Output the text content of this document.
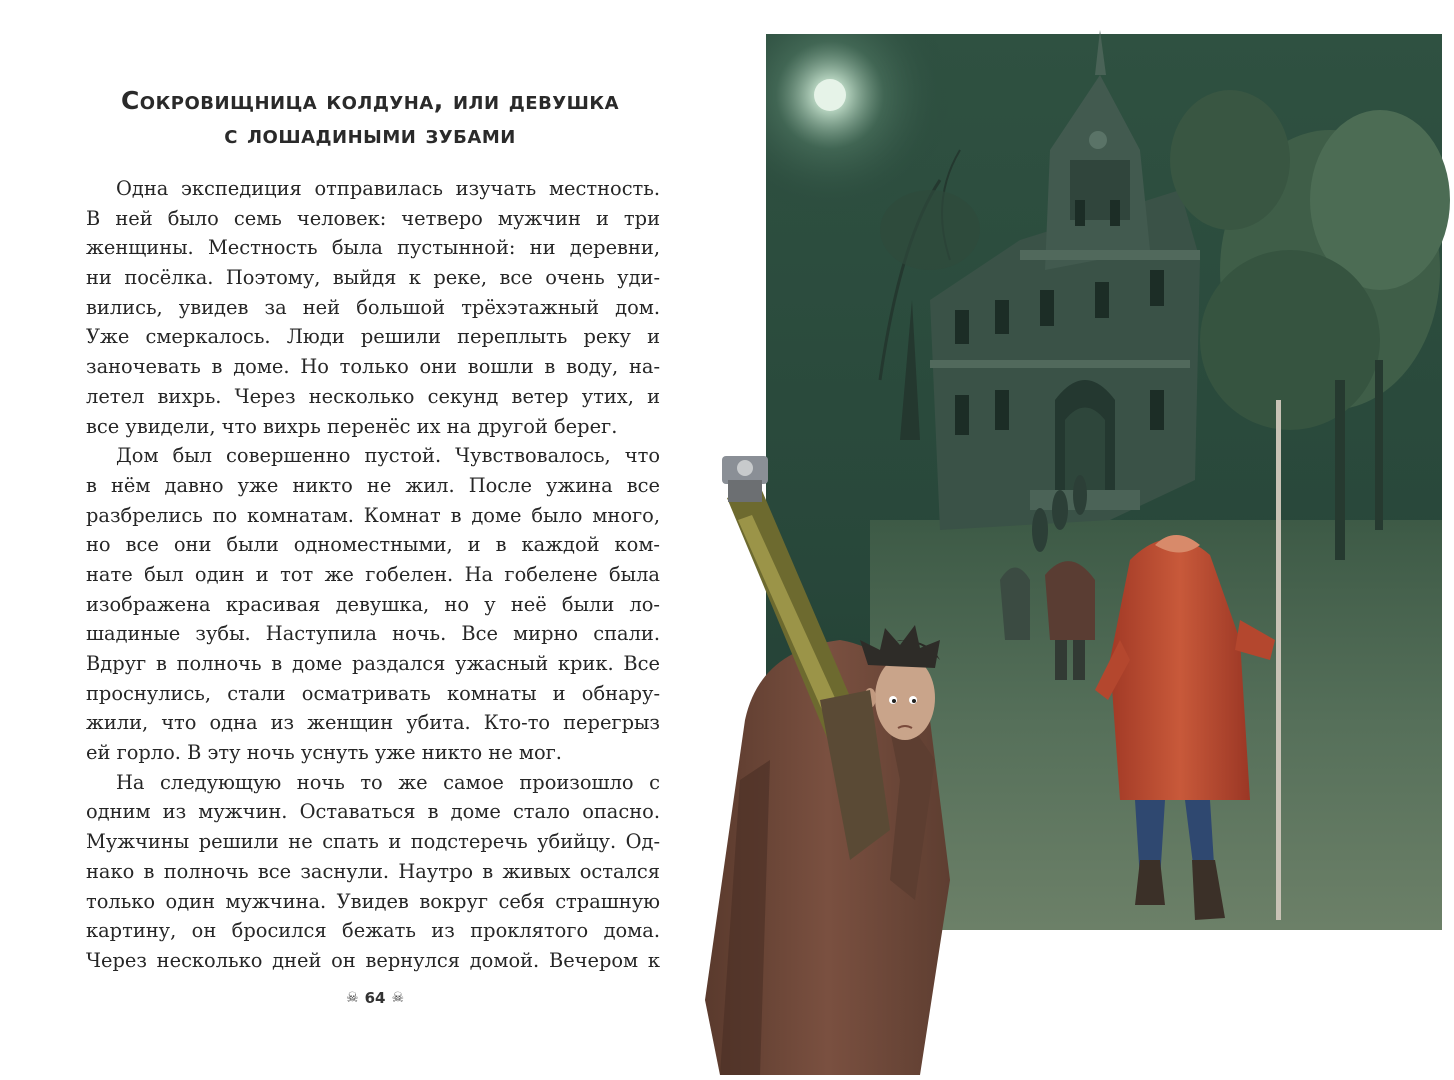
Сокровищница колдуна, или девушка
с лошадиными зубами
Одна экспедиция отправилась изучать местность.
В ней было семь человек: четверо мужчин и три
женщины. Местность была пустынной: ни деревни,
ни посёлка. Поэтому, выйдя к реке, все очень уди-
вились, увидев за ней большой трёхэтажный дом.
Уже смеркалось. Люди решили переплыть реку и
заночевать в доме. Но только они вошли в воду, на-
летел вихрь. Через несколько секунд ветер утих, и
все увидели, что вихрь перенёс их на другой берег.
Дом был совершенно пустой. Чувствовалось, что
в нём давно уже никто не жил. После ужина все
разбрелись по комнатам. Комнат в доме было много,
но все они были одноместными, и в каждой ком-
нате был один и тот же гобелен. На гобелене была
изображена красивая девушка, но у неё были ло-
шадиные зубы. Наступила ночь. Все мирно спали.
Вдруг в полночь в доме раздался ужасный крик. Все
проснулись, стали осматривать комнаты и обнару-
жили, что одна из женщин убита. Кто-то перегрыз
ей горло. В эту ночь уснуть уже никто не мог.
На следующую ночь то же самое произошло с
одним из мужчин. Оставаться в доме стало опасно.
Мужчины решили не спать и подстеречь убийцу. Од-
нако в полночь все заснули. Наутро в живых остался
только один мужчина. Увидев вокруг себя страшную
картину, он бросился бежать из проклятого дома.
Через несколько дней он вернулся домой. Вечером к
☠ 64 ☠
